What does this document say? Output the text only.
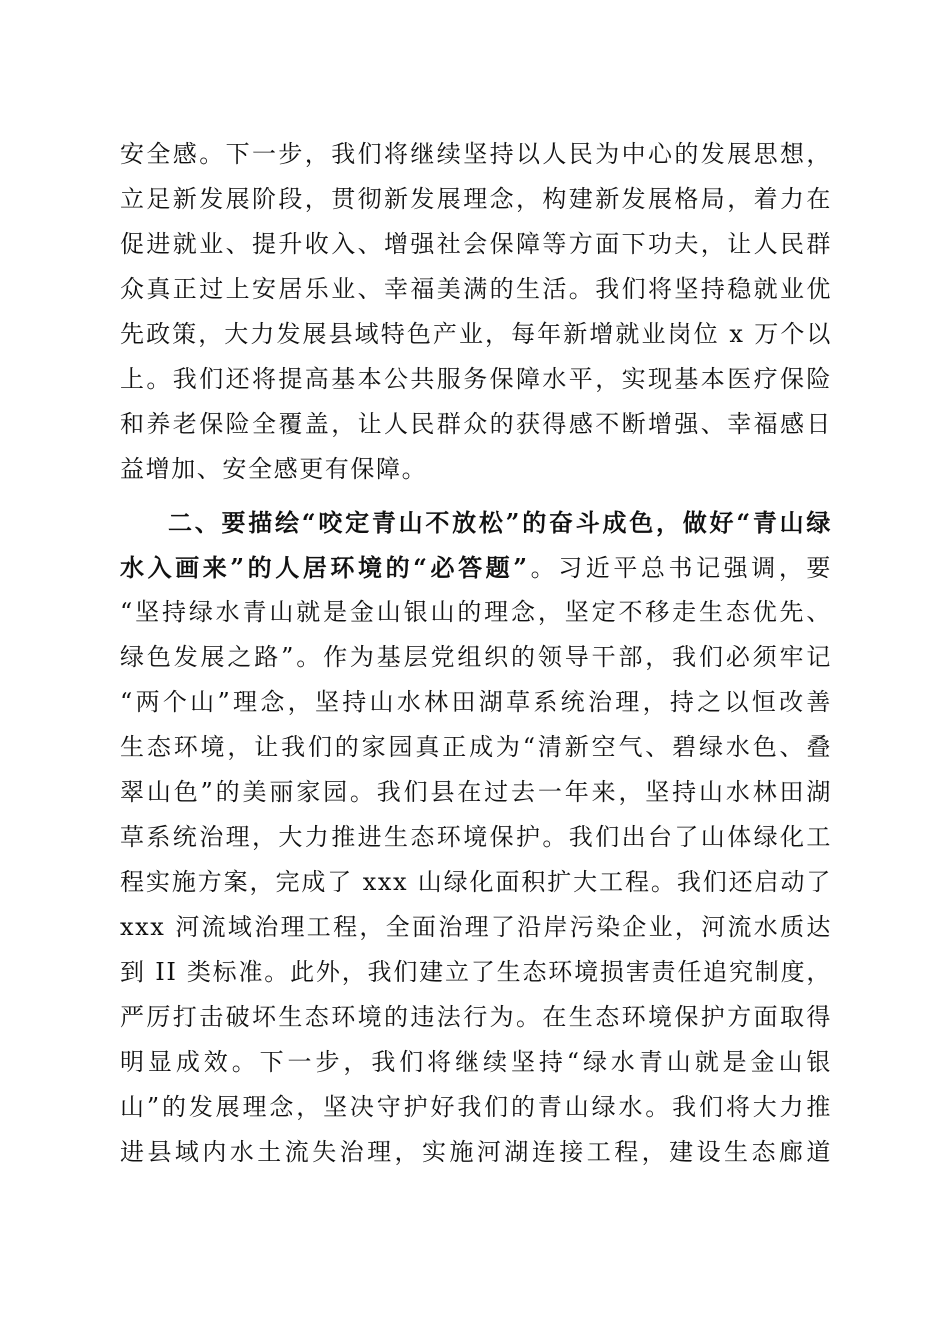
安全感。下一步，我们将继续坚持以人民为中心的发展思想，
立足新发展阶段，贯彻新发展理念，构建新发展格局，着力在
促进就业、提升收入、增强社会保障等方面下功夫，让人民群
众真正过上安居乐业、幸福美满的生活。我们将坚持稳就业优
先政策，大力发展县域特色产业，每年新增就业岗位 x 万个以
上。我们还将提高基本公共服务保障水平，实现基本医疗保险
和养老保险全覆盖，让人民群众的获得感不断增强、幸福感日
益增加、安全感更有保障。
二、要描绘“咬定青山不放松”的奋斗成色，做好“青山绿
水入画来”的人居环境的“必答题”。习近平总书记强调，要
“坚持绿水青山就是金山银山的理念，坚定不移走生态优先、
绿色发展之路”。作为基层党组织的领导干部，我们必须牢记
“两个山”理念，坚持山水林田湖草系统治理，持之以恒改善
生态环境，让我们的家园真正成为“清新空气、碧绿水色、叠
翠山色”的美丽家园。我们县在过去一年来，坚持山水林田湖
草系统治理，大力推进生态环境保护。我们出台了山体绿化工
程实施方案，完成了 xxx 山绿化面积扩大工程。我们还启动了
xxx 河流域治理工程，全面治理了沿岸污染企业，河流水质达
到 II 类标准。此外，我们建立了生态环境损害责任追究制度，
严厉打击破坏生态环境的违法行为。在生态环境保护方面取得
明显成效。下一步，我们将继续坚持“绿水青山就是金山银
山”的发展理念，坚决守护好我们的青山绿水。我们将大力推
进县域内水土流失治理，实施河湖连接工程，建设生态廊道
